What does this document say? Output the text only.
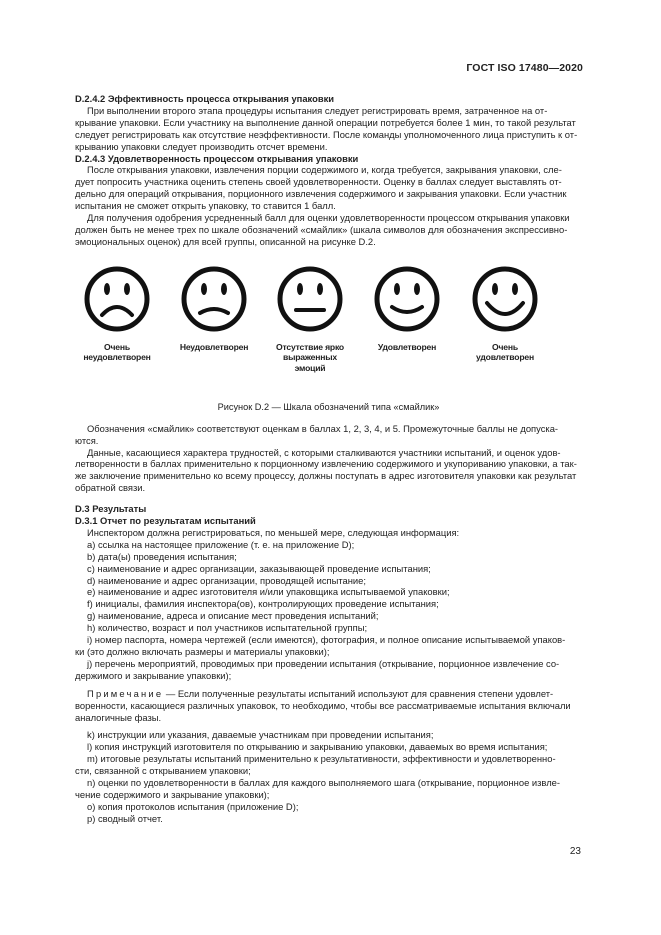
ГОСТ ISO 17480—2020

D.2.4.2 Эффективность процесса открывания упаковки

При выполнении второго этапа процедуры испытания следует регистрировать время, затраченное на от-

крывание упаковки. Если участнику на выполнение данной операции потребуется более 1 мин, то такой результат

следует регистрировать как отсутствие неэффективности. После команды уполномоченного лица приступить к от-

крыванию упаковки следует производить отсчет времени.

D.2.4.3 Удовлетворенность процессом открывания упаковки

После открывания упаковки, извлечения порции содержимого и, когда требуется, закрывания упаковки, сле-

дует попросить участника оценить степень своей удовлетворенности. Оценку в баллах следует выставлять от-

дельно для операций открывания, порционного извлечения содержимого и закрывания упаковки. Если участник

испытания не сможет открыть упаковку, то ставится 1 балл.

Для получения одобрения усредненный балл для оценки удовлетворенности процессом открывания упаковки

должен быть не менее трех по шкале обозначений «смайлик» (шкала символов для обозначения экспрессивно-

эмоциональных оценок) для всей группы, описанной на рисунке D.2.

Очень
неудовлетворен
Неудовлетворен	Отсутствие ярко
выраженных эмоций
Удовлетворен	Очень
удовлетворен

Рисунок D.2 — Шкала обозначений типа «смайлик»

Обозначения «смайлик» соответствуют оценкам в баллах 1, 2, 3, 4, и 5. Промежуточные баллы не допуска-

ются.

Данные, касающиеся характера трудностей, с которыми сталкиваются участники испытаний, и оценок удов-

летворенности в баллах применительно к порционному извлечению содержимого и укупориванию упаковки, а так-

же заключение применительно ко всему процессу, должны поступать в адрес изготовителя упаковки как результат

обратной связи.

D.3 Результаты

D.3.1 Отчет по результатам испытаний

Инспектором должна регистрироваться, по меньшей мере, следующая информация:

a) ссылка на настоящее приложение (т. е. на приложение D);

b) дата(ы) проведения испытания;

c) наименование и адрес организации, заказывающей проведение испытания;

d) наименование и адрес организации, проводящей испытание;

e) наименование и адрес изготовителя и/или упаковщика испытываемой упаковки;

f) инициалы, фамилия инспектора(ов), контролирующих проведение испытания;

g) наименование, адреса и описание мест проведения испытаний;

h) количество, возраст и пол участников испытательной группы;

i) номер паспорта, номера чертежей (если имеются), фотография, и полное описание испытываемой упаков-

ки (это должно включать размеры и материалы упаковки);

j) перечень мероприятий, проводимых при проведении испытания (открывание, порционное извлечение со-

держимого и закрывание упаковки);

Примечание — Если полученные результаты испытаний используют для сравнения степени удовлет-

воренности, касающиеся различных упаковок, то необходимо, чтобы все рассматриваемые испытания включали

аналогичные фазы.

k) инструкции или указания, даваемые участникам при проведении испытания;

l) копия инструкций изготовителя по открыванию и закрыванию упаковки, даваемых во время испытания;

m) итоговые результаты испытаний применительно к результативности, эффективности и удовлетворенно-

сти, связанной с открыванием упаковки;

n) оценки по удовлетворенности в баллах для каждого выполняемого шага (открывание, порционное извле-

чение содержимого и закрывание упаковки);

o) копия протоколов испытания (приложение D);

p) сводный отчет.

23
